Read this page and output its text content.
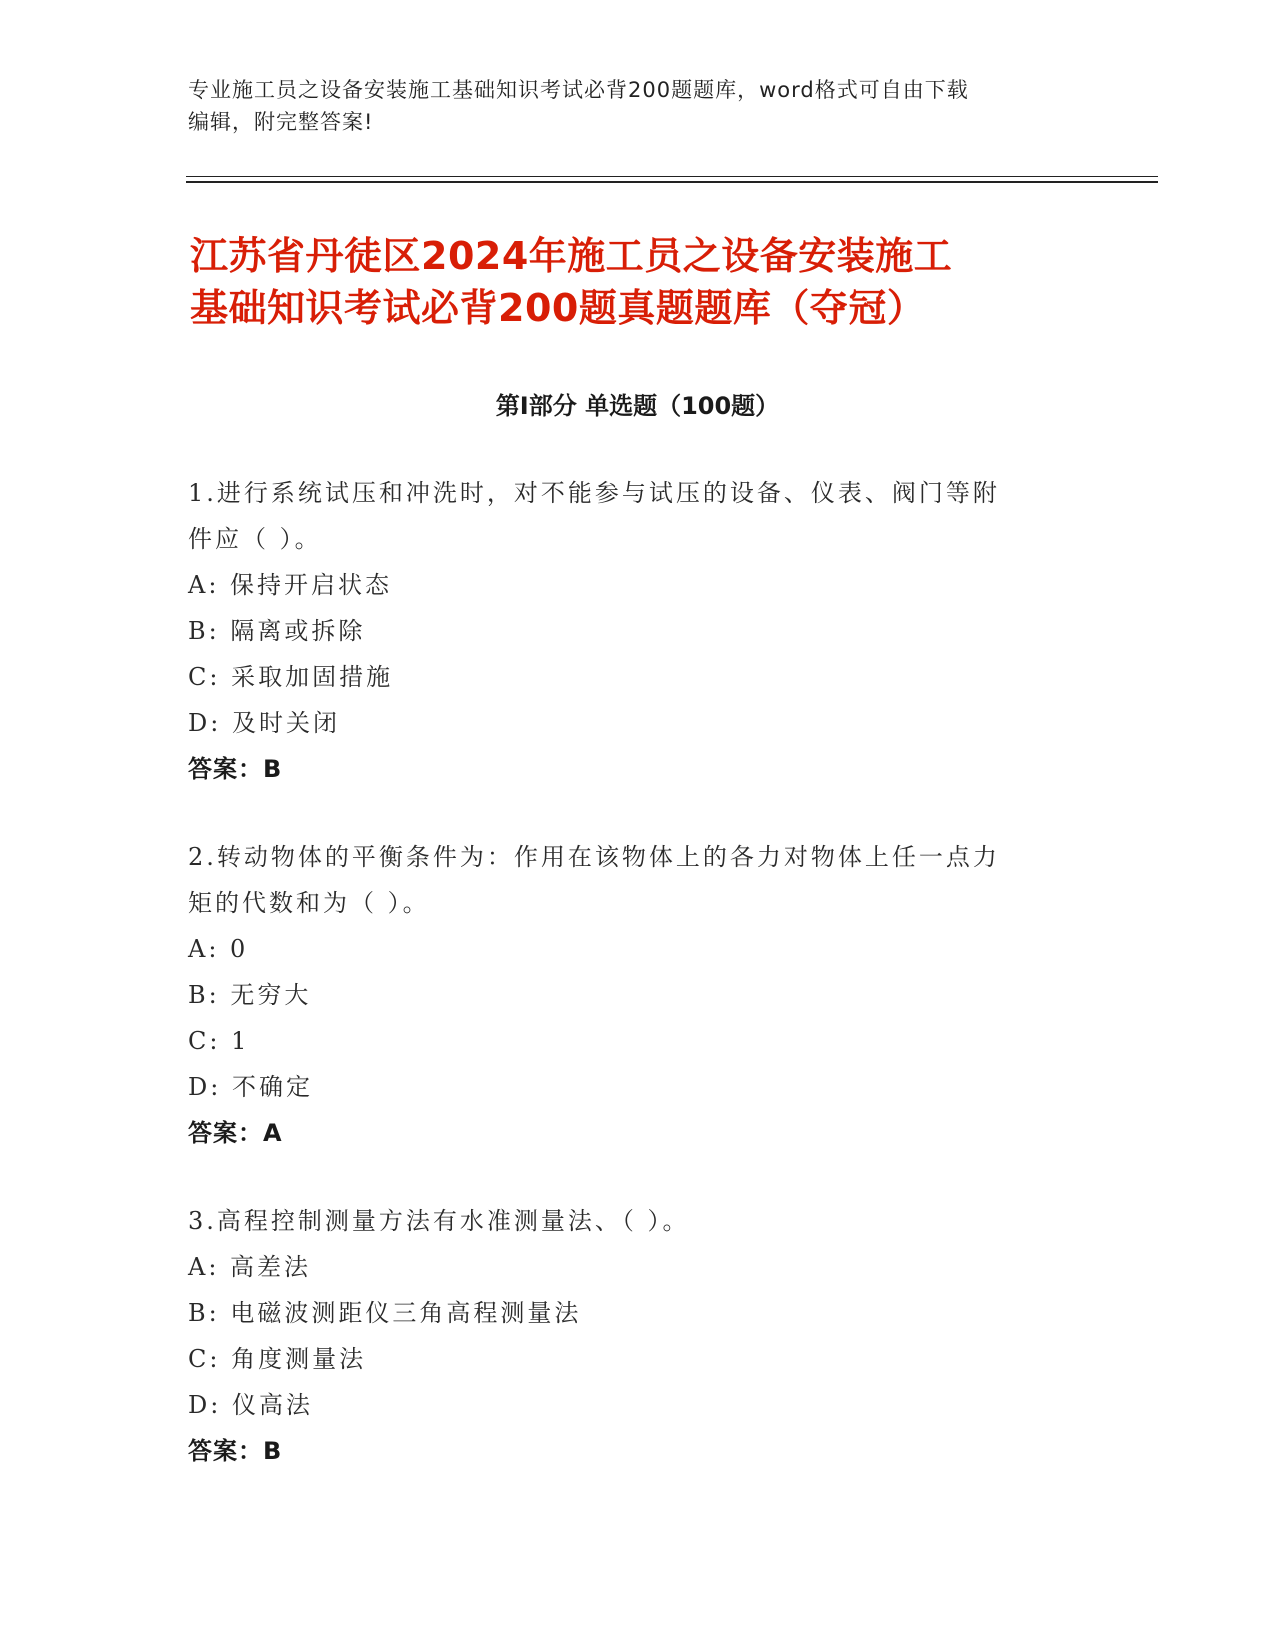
专业施工员之设备安装施工基础知识考试必背200题题库，word格式可自由下载
编辑，附完整答案!
江苏省丹徒区2024年施工员之设备安装施工
基础知识考试必背200题真题题库（夺冠）
第I部分 单选题（100题）

1.进行系统试压和冲洗时，对不能参与试压的设备、仪表、阀门等附

件应（ ）。

A: 保持开启状态

B: 隔离或拆除

C: 采取加固措施

D: 及时关闭

答案：B

2.转动物体的平衡条件为：作用在该物体上的各力对物体上任一点力

矩的代数和为（ ）。

A: 0

B: 无穷大

C: 1

D: 不确定

答案：A

3.高程控制测量方法有水准测量法、（ ）。

A: 高差法

B: 电磁波测距仪三角高程测量法

C: 角度测量法

D: 仪高法

答案：B
